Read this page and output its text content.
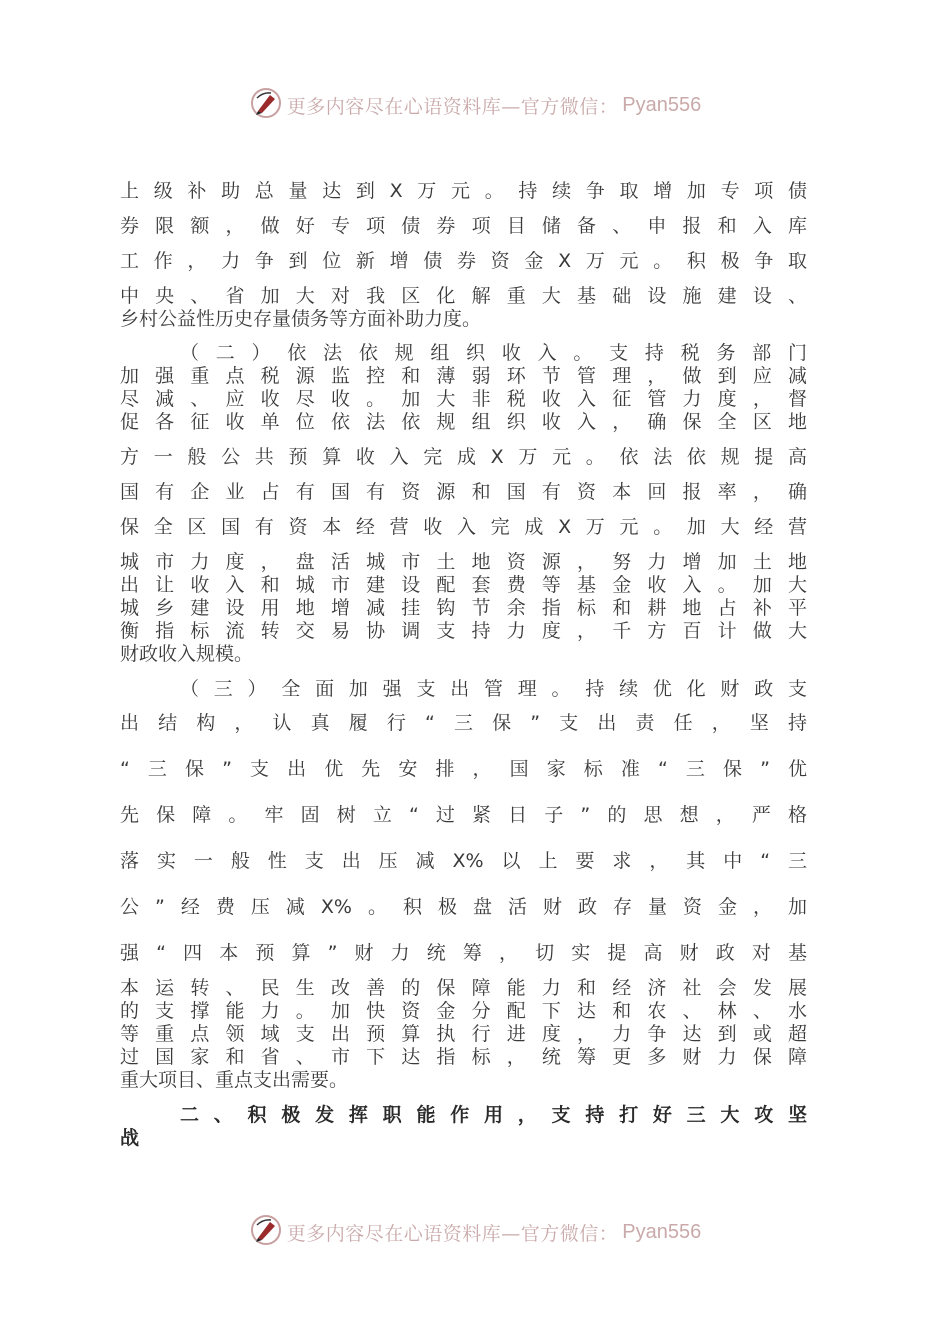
更多内容尽在心语资料库—官方微信： Pyan556
上级补助总量达到X万元。持续争取增加专项债
券限额，做好专项债券项目储备、申报和入库
工作，力争到位新增债券资金X万元。积极争取
中央、省加大对我区化解重大基础设施建设、
乡村公益性历史存量债务等方面补助力度。
（二）依法依规组织收入。支持税务部门
加强重点税源监控和薄弱环节管理，做到应减
尽减、应收尽收。加大非税收入征管力度，督
促各征收单位依法依规组织收入，确保全区地
方一般公共预算收入完成X万元。依法依规提高
国有企业占有国有资源和国有资本回报率，确
保全区国有资本经营收入完成X万元。加大经营
城市力度，盘活城市土地资源，努力增加土地
出让收入和城市建设配套费等基金收入。加大
城乡建设用地增减挂钩节余指标和耕地占补平
衡指标流转交易协调支持力度，千方百计做大
财政收入规模。
（三）全面加强支出管理。持续优化财政支
出结构，认真履行“三保”支出责任，坚持
“三保”支出优先安排，国家标准“三保”优
先保障。牢固树立“过紧日子”的思想，严格
落实一般性支出压减X%以上要求，其中“三
公”经费压减X%。积极盘活财政存量资金，加
强“四本预算”财力统筹，切实提高财政对基
本运转、民生改善的保障能力和经济社会发展
的支撑能力。加快资金分配下达和农、林、水
等重点领域支出预算执行进度，力争达到或超
过国家和省、市下达指标，统筹更多财力保障
重大项目、重点支出需要。
二、积极发挥职能作用，支持打好三大攻坚
战
更多内容尽在心语资料库—官方微信： Pyan556
